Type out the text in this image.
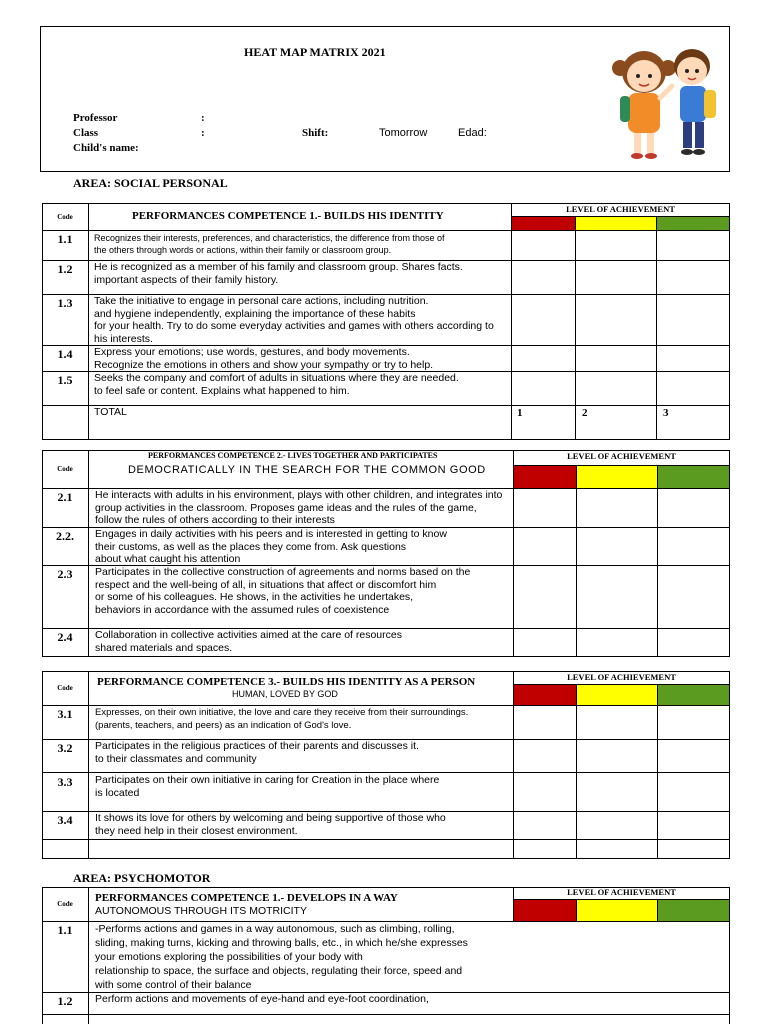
HEAT MAP MATRIX 2021
Professor	:
Class	:	Shift:	Tomorrow	Edad:
Child's name:
AREA: SOCIAL PERSONAL
Code	PERFORMANCES COMPETENCE 1.- BUILDS HIS IDENTITY
LEVEL OF ACHIEVEMENT
1.1	Recognizes their interests, preferences, and characteristics, the difference from those of
the others through words or actions, within their family or classroom group.
1.2	He is recognized as a member of his family and classroom group. Shares facts.
important aspects of their family history.
1.3	Take the initiative to engage in personal care actions, including nutrition.
and hygiene independently, explaining the importance of these habits
for your health. Try to do some everyday activities and games with others according to
his interests.
1.4	Express your emotions; use words, gestures, and body movements.
Recognize the emotions in others and show your sympathy or try to help.
1.5	Seeks the company and comfort of adults in situations where they are needed.
to feel safe or content. Explains what happened to him.
TOTAL	1	2	3
Code
PERFORMANCES COMPETENCE 2.- LIVES TOGETHER AND PARTICIPATES
DEMOCRATICALLY IN THE SEARCH FOR THE COMMON GOOD
LEVEL OF ACHIEVEMENT
2.1	He interacts with adults in his environment, plays with other children, and integrates into
group activities in the classroom. Proposes game ideas and the rules of the game,
follow the rules of others according to their interests
2.2.	Engages in daily activities with his peers and is interested in getting to know
their customs, as well as the places they come from. Ask questions
about what caught his attention
2.3	Participates in the collective construction of agreements and norms based on the
respect and the well-being of all, in situations that affect or discomfort him
or some of his colleagues. He shows, in the activities he undertakes,
behaviors in accordance with the assumed rules of coexistence
2.4	Collaboration in collective activities aimed at the care of resources
shared materials and spaces.
Code	PERFORMANCE COMPETENCE 3.- BUILDS HIS IDENTITY AS A PERSON
HUMAN, LOVED BY GOD
LEVEL OF ACHIEVEMENT
3.1	Expresses, on their own initiative, the love and care they receive from their surroundings.
(parents, teachers, and peers) as an indication of God's love.
3.2	Participates in the religious practices of their parents and discusses it.
to their classmates and community
3.3	Participates on their own initiative in caring for Creation in the place where
is located
3.4	It shows its love for others by welcoming and being supportive of those who
they need help in their closest environment.
AREA: PSYCHOMOTOR
Code	PERFORMANCES COMPETENCE 1.- DEVELOPS IN A WAY
AUTONOMOUS THROUGH ITS MOTRICITY
LEVEL OF ACHIEVEMENT
1.1	-Performs actions and games in a way autonomous, such as climbing, rolling,
sliding, making turns, kicking and throwing balls, etc., in which he/she expresses
your emotions exploring the possibilities of your body with
relationship to space, the surface and objects, regulating their force, speed and
with some control of their balance
1.2	Perform actions and movements of eye-hand and eye-foot coordination,
